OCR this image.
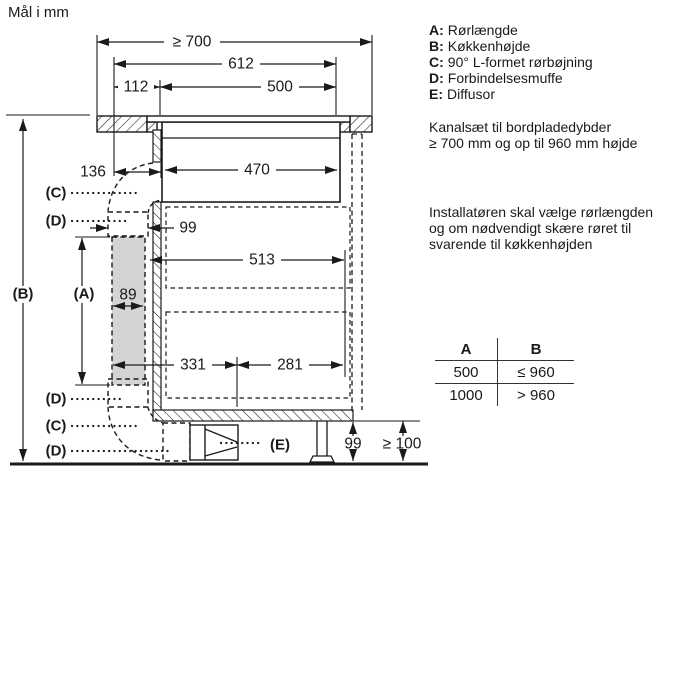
Mål i mm
≥ 700
612
112	500
470
136
99
513
89
331	281
99 ≥ 100
(B)	(A)
(C)
(D)
(D)
(C)
(D)	(E)
A: Rørlængde
B: Køkkenhøjde
C: 90° L-formet rørbøjning
D: Forbindelsesmuffe
E: Diffusor
Kanalsæt til bordpladedybder
≥ 700 mm og op til 960 mm højde
Installatøren skal vælge rørlængden
og om nødvendigt skære røret til
svarende til køkkenhøjden
A	B
500	≤ 960
1000	> 960
